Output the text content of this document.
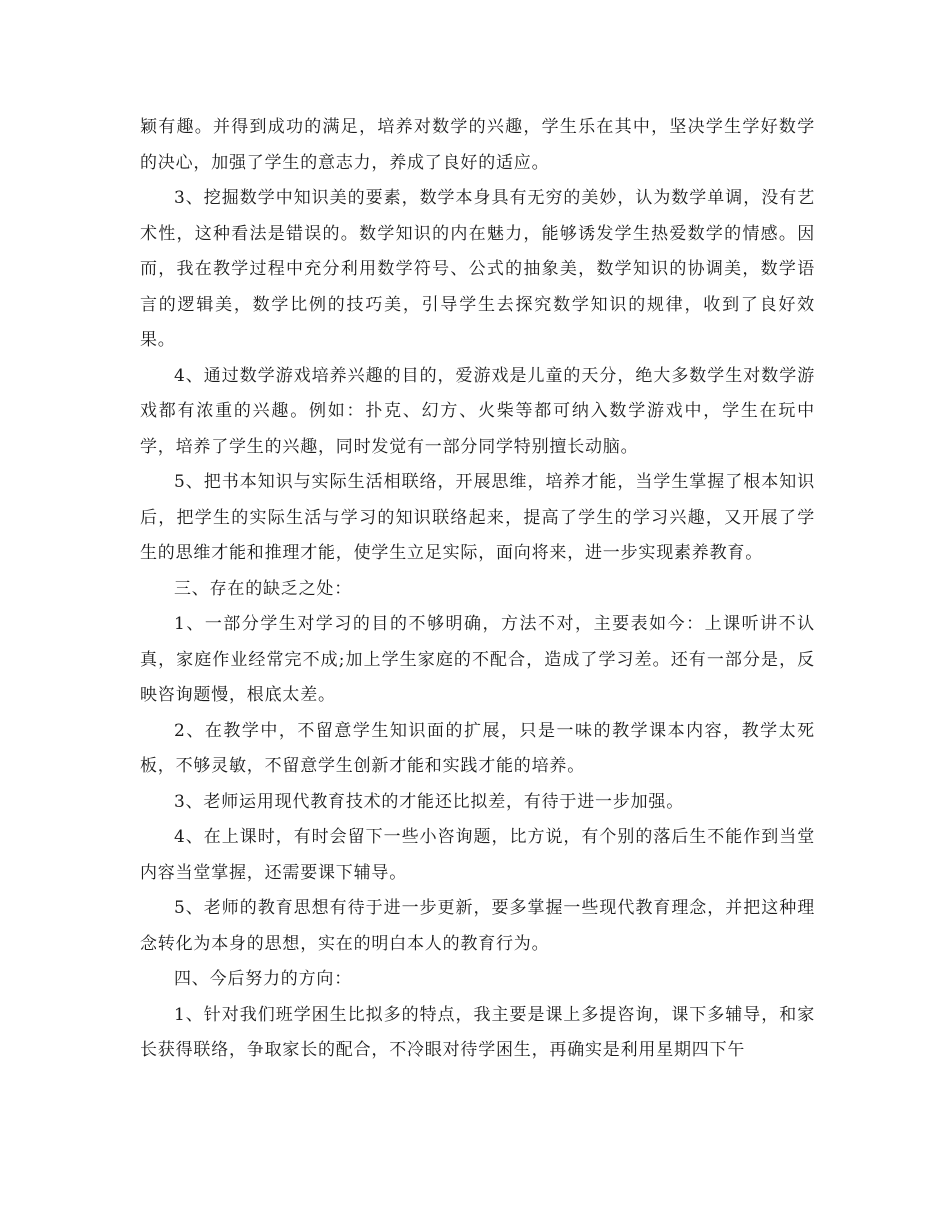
颖有趣。并得到成功的满足，培养对数学的兴趣，学生乐在其中，坚决学生学好数学的决心，加强了学生的意志力，养成了良好的适应。

3、挖掘数学中知识美的要素，数学本身具有无穷的美妙，认为数学单调，没有艺术性，这种看法是错误的。数学知识的内在魅力，能够诱发学生热爱数学的情感。因而，我在教学过程中充分利用数学符号、公式的抽象美，数学知识的协调美，数学语言的逻辑美，数学比例的技巧美，引导学生去探究数学知识的规律，收到了良好效果。

4、通过数学游戏培养兴趣的目的，爱游戏是儿童的天分，绝大多数学生对数学游戏都有浓重的兴趣。例如：扑克、幻方、火柴等都可纳入数学游戏中，学生在玩中学，培养了学生的兴趣，同时发觉有一部分同学特别擅长动脑。

5、把书本知识与实际生活相联络，开展思维，培养才能，当学生掌握了根本知识后，把学生的实际生活与学习的知识联络起来，提高了学生的学习兴趣，又开展了学生的思维才能和推理才能，使学生立足实际，面向将来，进一步实现素养教育。

三、存在的缺乏之处：

1、一部分学生对学习的目的不够明确，方法不对，主要表如今：上课听讲不认真，家庭作业经常完不成;加上学生家庭的不配合，造成了学习差。还有一部分是，反映咨询题慢，根底太差。

2、在教学中，不留意学生知识面的扩展，只是一味的教学课本内容，教学太死板，不够灵敏，不留意学生创新才能和实践才能的培养。

3、老师运用现代教育技术的才能还比拟差，有待于进一步加强。

4、在上课时，有时会留下一些小咨询题，比方说，有个别的落后生不能作到当堂内容当堂掌握，还需要课下辅导。

5、老师的教育思想有待于进一步更新，要多掌握一些现代教育理念，并把这种理念转化为本身的思想，实在的明白本人的教育行为。

四、今后努力的方向：

1、针对我们班学困生比拟多的特点，我主要是课上多提咨询，课下多辅导，和家长获得联络，争取家长的配合，不冷眼对待学困生，再确实是利用星期四下午
